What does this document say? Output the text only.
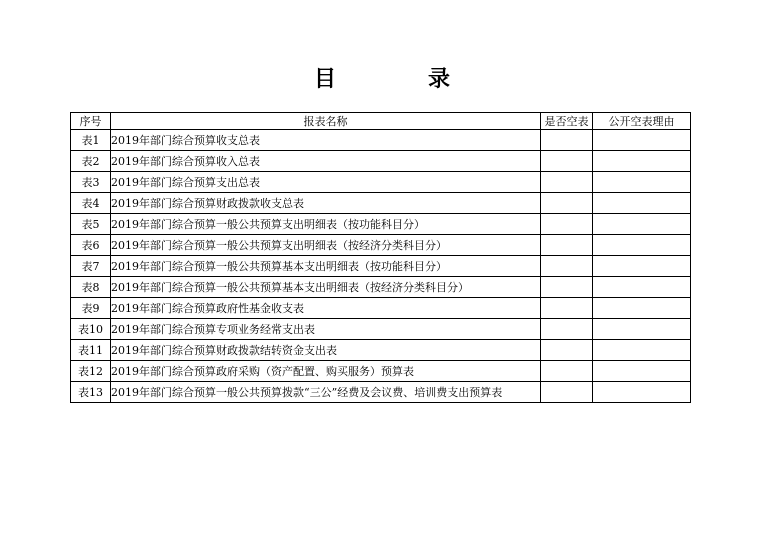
目	录
序号	报表名称	是否空表	公开空表理由
表1	2019年部门综合预算收支总表		
表2	2019年部门综合预算收入总表		
表3	2019年部门综合预算支出总表		
表4	2019年部门综合预算财政拨款收支总表		
表5	2019年部门综合预算一般公共预算支出明细表（按功能科目分）		
表6	2019年部门综合预算一般公共预算支出明细表（按经济分类科目分）		
表7	2019年部门综合预算一般公共预算基本支出明细表（按功能科目分）		
表8	2019年部门综合预算一般公共预算基本支出明细表（按经济分类科目分）		
表9	2019年部门综合预算政府性基金收支表		
表10	2019年部门综合预算专项业务经常支出表		
表11	2019年部门综合预算财政拨款结转资金支出表		
表12	2019年部门综合预算政府采购（资产配置、购买服务）预算表		
表13	2019年部门综合预算一般公共预算拨款“三公”经费及会议费、培训费支出预算表		
